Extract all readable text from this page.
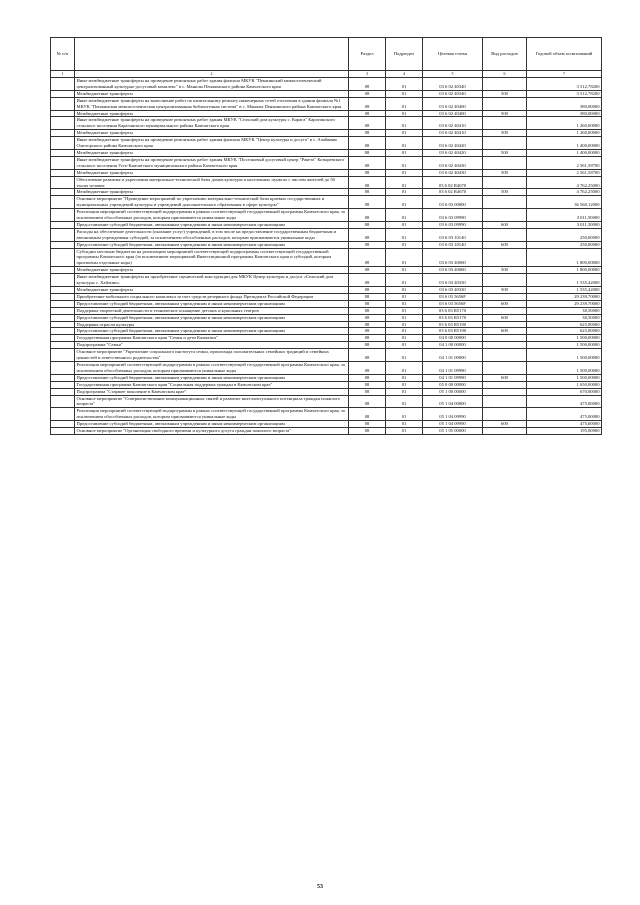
№ п/п		Раздел	Подраздел	Целевая статья	Вид расходов	Годовой объем ассигнований
1	2	3	4	5	6	7
	Иные межбюджетные трансферты на проведение ремонтных работ здания филиала МКУК "Пенжинский межпоселенческий централизованный культурно-досуговый комплекс" в с. Манилы Пенжинского района Камчатского края	08	01	03 6 02 40340		3 512,78200
	Межбюджетные трансферты	08	01	03 6 02 40340	500	3 512,78200
	Иные межбюджетные трансферты на выполнение работ по капитальному ремонту инженерных сетей отопления в здании филиала №1 МКУК "Пенжинская межпоселенческая централизованная библиотечная система" в с. Манилы Пенжинского района Камчатского края	08	01	03 6 02 40400		380,00000
	Межбюджетные трансферты	08	01	03 6 02 40400	500	380,00000
	Иные межбюджетные трансферты на проведение ремонтных работ здания МКУК "Сельский дом культуры с. Карага" Карагинского сельского поселения Карагинского муниципального района Камчатского края	08	01	03 6 02 40410		1 260,00000
	Межбюджетные трансферты	08	01	03 6 02 40410	500	1 260,00000
	Иные межбюджетные трансферты на проведение ремонтных работ здания филиала МКУК "Центр культуры и досуга" в с. Ачайваям Олюторского района Камчатского края	08	01	03 6 02 40420		1 400,00000
	Межбюджетные трансферты	08	01	03 6 02 40420	500	1 400,00000
	Иные межбюджетные трансферты на проведение ремонтных работ здания МКУК "Поселковый досуговый центр "Ракета" Козыревского сельского поселения Усть-Камчатского муниципального района Камчатского края	08	01	03 6 02 40430		2 561,58700
	Межбюджетные трансферты	08	01	03 6 02 40430	500	2 561,58700
	Обеспечение развития и укрепления материально-технической базы домов культуры в населенных пунктах с числом жителей до 50 тысяч человек	08	01	03 6 02 R4670		4 762,25000
	Межбюджетные трансферты	08	01	03 6 02 R4670	500	4 762,25000
	Основное мероприятие "Проведение мероприятий по укреплению материально-технической базы краевых государственных и муниципальных учреждений культуры и учреждений дополнительного образования в сфере культуры"	08	01	03 6 03 00000		36 560,12000
	Реализация мероприятий соответствующей подпрограммы в рамках соответствующей государственной программы Камчатского края, за исключением обособленных расходов, которым присваиваются уникальные коды	08	01	03 6 03 09990		3 011,50000
	Предоставление субсидий бюджетным, автономным учреждениям и иным некоммерческим организациям	08	01	03 6 03 09990	600	3 011,50000
	Расходы на обеспечение деятельности (оказание услуг) учреждений, в том числе на предоставление государственным бюджетным и автономным учреждениям субсидий, за исключением обособленных расходов, которым присваиваются уникальные коды	08	01	03 6 03 10140		250,00000
	Предоставление субсидий бюджетным, автономным учреждениям и иным некоммерческим организациям	08	01	03 6 03 10140	600	250,00000
	Субсидии местным бюджетам на реализацию мероприятий соответствующей подпрограммы соответствующей государственной программы Камчатского края (за исключением мероприятий Инвестиционной программы Камчатского края и субсидий, которым присвоены отдельные коды)	08	01	03 6 03 40060		1 800,00000
	Межбюджетные трансферты	08	01	03 6 03 40060	500	1 800,00000
	Иные межбюджетные трансферты на приобретение сценической конструкции для МКУК Центр культуры и досуга «Сельский дом культуры с. Хайлино»	08	01	03 6 03 40330		1 535,42000
	Межбюджетные трансферты	08	01	03 6 03 40330	500	1 535,42000
	Приобретение мобильного социального комплекса за счет средств резервного фонда Президента Российской Федерации	08	01	03 6 03 5656F		29 239,70000
	Предоставление субсидий бюджетным, автономным учреждениям и иным некоммерческим организациям	08	01	03 6 03 5656F	600	29 239,70000
	Поддержка творческой деятельности и техническое оснащение детских и кукольных театров	08	01	03 6 03 R5170		38,50000
	Предоставление субсидий бюджетным, автономным учреждениям и иным некоммерческим организациям	08	01	03 6 03 R5170	600	38,50000
	Поддержка отрасли культуры	08	01	03 6 03 R5190		625,00000
	Предоставление субсидий бюджетным, автономным учреждениям и иным некоммерческим организациям	08	01	03 6 03 R5190	600	625,00000
	Государственная программа Камчатского края "Семья и дети Камчатки"	08	01	04 0 00 00000		1 500,00000
	Подпрограмма "Семья"	08	01	04 1 00 00000		1 500,00000
	Основное мероприятие "Укрепление социального института семьи, пропаганда положительных семейных традиций и семейных ценностей и ответственного родительства"	08	01	04 1 01 00000		1 500,00000
	Реализация мероприятий соответствующей подпрограммы в рамках соответствующей государственной программы Камчатского края, за исключением обособленных расходов, которым присваиваются уникальные коды	08	01	04 1 01 09990		1 500,00000
	Предоставление субсидий бюджетным, автономным учреждениям и иным некоммерческим организациям	08	01	04 1 01 09990	600	1 500,00000
	Государственная программа Камчатского края "Социальная поддержка граждан в Камчатском крае"	08	01	05 0 00 00000		1 650,00000
	Подпрограмма "Старшее поколение в Камчатском крае"	08	01	05 1 00 00000		670,00000
	Основное мероприятие "Совершенствование коммуникационных связей и развитие интеллектуального потенциала граждан пожилого возраста"	08	01	05 1 04 00000		475,00000
	Реализация мероприятий соответствующей подпрограммы в рамках соответствующей государственной программы Камчатского края, за исключением обособленных расходов, которым присваиваются уникальные коды	08	01	05 1 04 09990		475,00000
	Предоставление субсидий бюджетным, автономным учреждениям и иным некоммерческим организациям	08	01	05 1 04 09990	600	475,00000
	Основное мероприятие "Организация свободного времени и культурного досуга граждан пожилого возраста"	08	01	05 1 05 00000		195,00000
53
